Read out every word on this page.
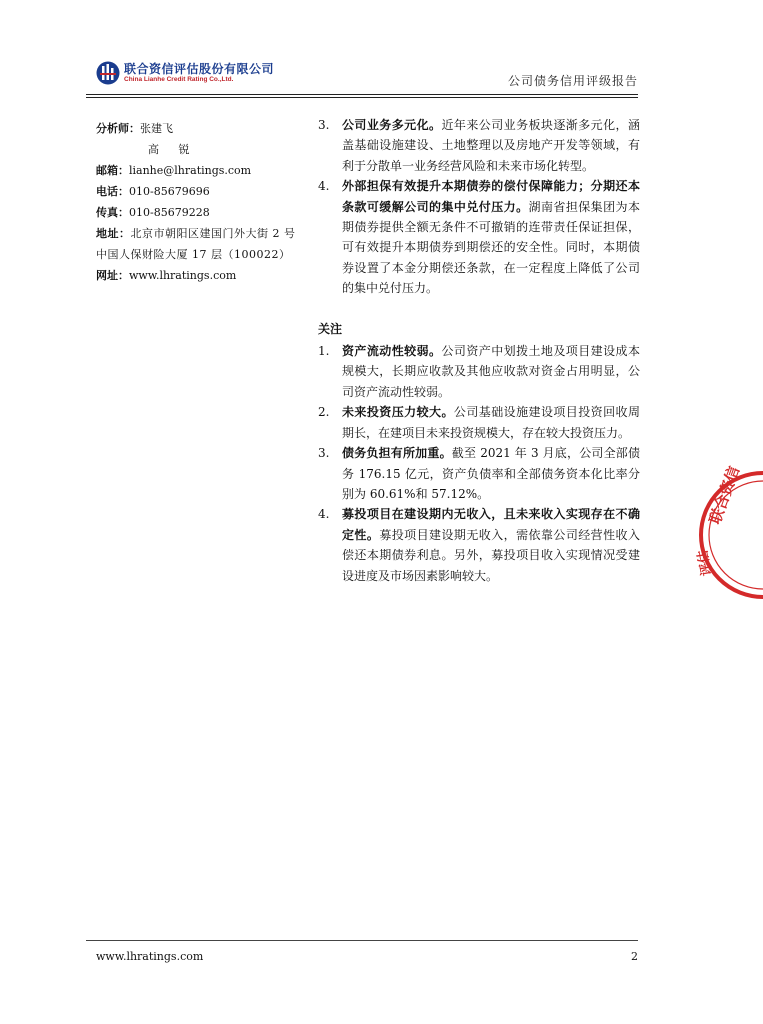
联合资信评估股份有限公司
China Lianhe Credit Rating Co.,Ltd.	公司债务信用评级报告
分析师：张建飞
高 锐
邮箱：lianhe@lhratings.com
电话：010-85679696
传真：010-85679228
地址：北京市朝阳区建国门外大街 2 号中国人保财险大厦 17 层（100022）
网址：www.lhratings.com
3. 公司业务多元化。近年来公司业务板块逐渐多元化，涵盖基础设施建设、土地整理以及房地产开发等领域，有利于分散单一业务经营风险和未来市场化转型。
4. 外部担保有效提升本期债券的偿付保障能力；分期还本条款可缓解公司的集中兑付压力。湖南省担保集团为本期债券提供全额无条件不可撤销的连带责任保证担保，可有效提升本期债券到期偿还的安全性。同时，本期债券设置了本金分期偿还条款，在一定程度上降低了公司的集中兑付压力。
关注
1. 资产流动性较弱。公司资产中划拨土地及项目建设成本规模大，长期应收款及其他应收款对资金占用明显，公司资产流动性较弱。
2. 未来投资压力较大。公司基础设施建设项目投资回收周期长，在建项目未来投资规模大，存在较大投资压力。
3. 债务负担有所加重。截至 2021 年 3 月底，公司全部债务 176.15 亿元，资产负债率和全部债务资本化比率分别为 60.61%和 57.12%。
4. 募投项目在建设期内无收入，且未来收入实现存在不确定性。募投项目建设期无收入，需依靠公司经营性收入偿还本期债券利息。另外，募投项目收入实现情况受建设进度及市场因素影响较大。
联合资信
评估
www.lhratings.com	2
